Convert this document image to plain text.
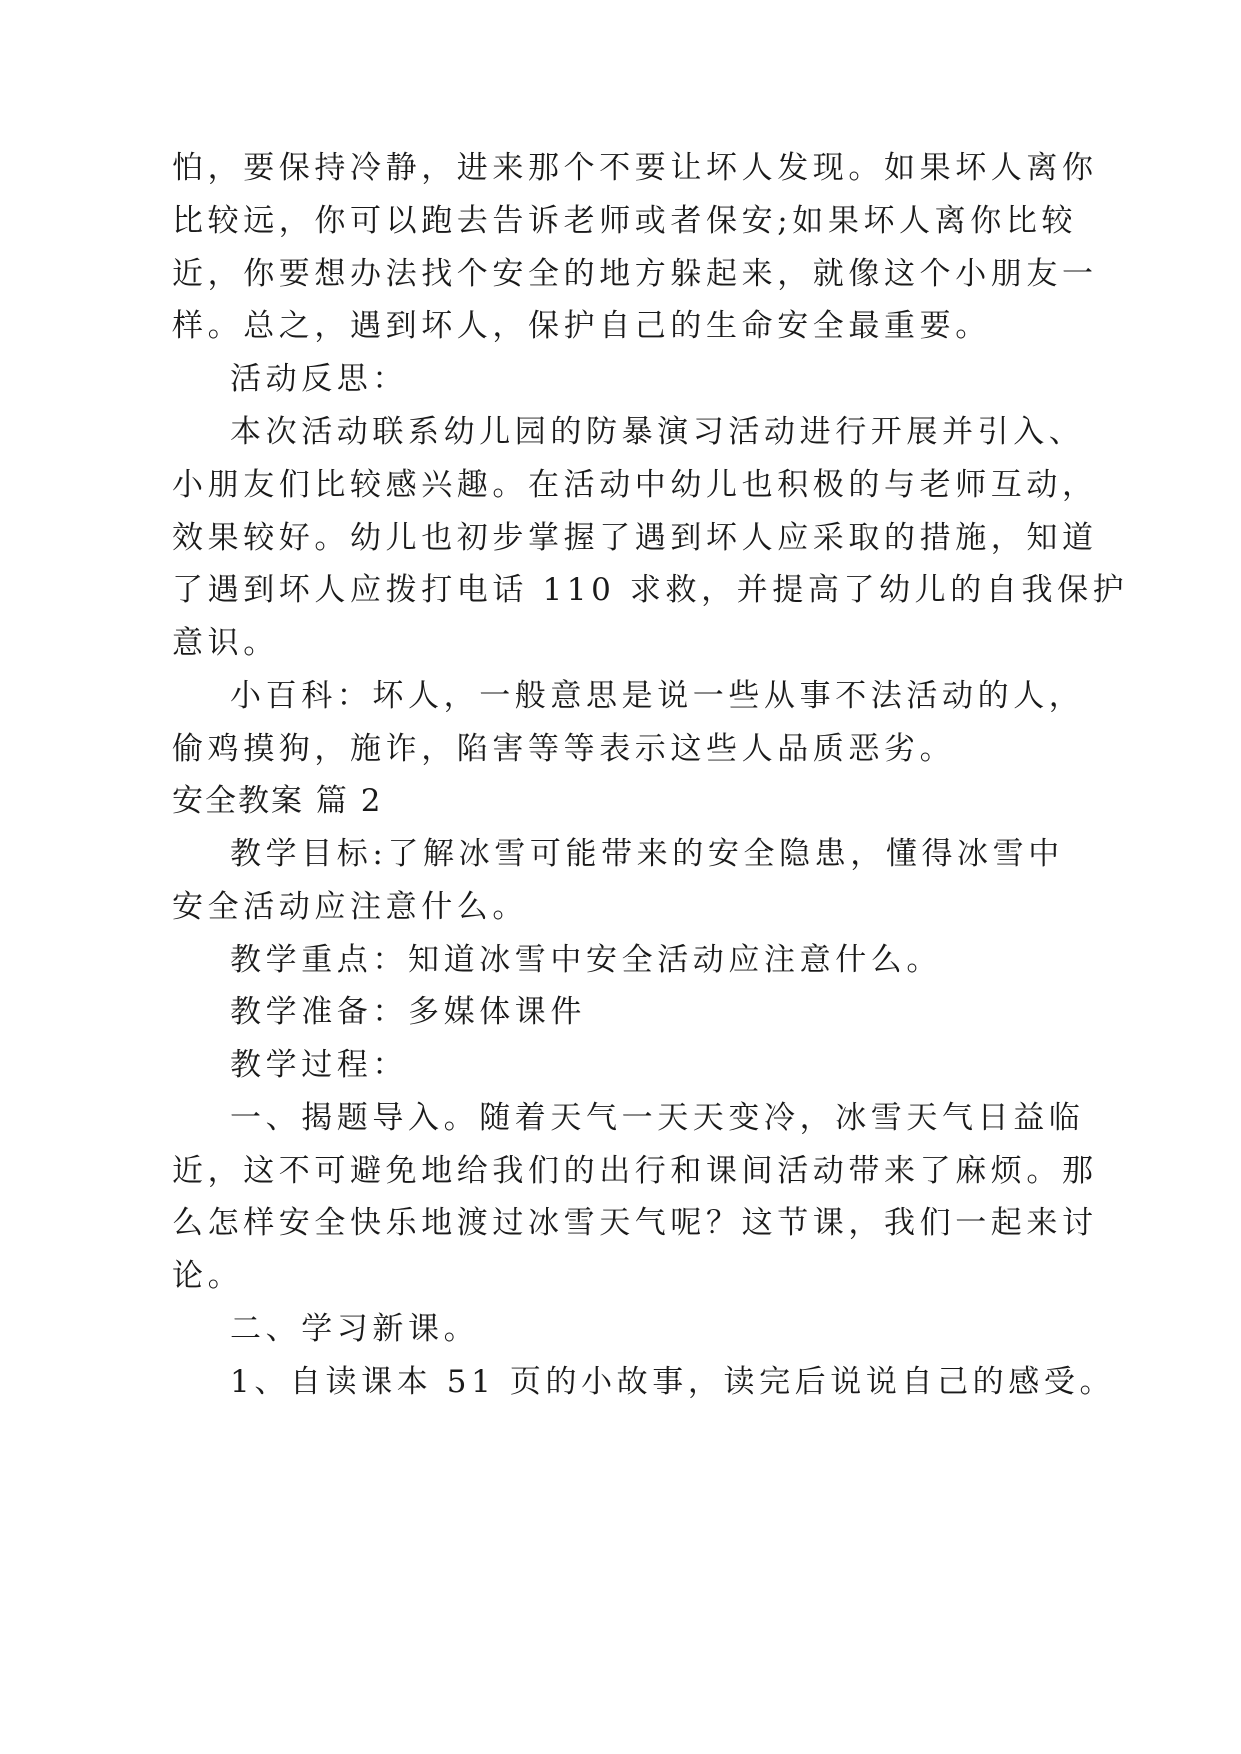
怕，要保持冷静，进来那个不要让坏人发现。如果坏人离你
比较远，你可以跑去告诉老师或者保安;如果坏人离你比较
近，你要想办法找个安全的地方躲起来，就像这个小朋友一
样。总之，遇到坏人，保护自己的生命安全最重要。
活动反思：
本次活动联系幼儿园的防暴演习活动进行开展并引入、
小朋友们比较感兴趣。在活动中幼儿也积极的与老师互动，
效果较好。幼儿也初步掌握了遇到坏人应采取的措施，知道
了遇到坏人应拨打电话 110 求救，并提高了幼儿的自我保护
意识。
小百科：坏人，一般意思是说一些从事不法活动的人，
偷鸡摸狗，施诈，陷害等等表示这些人品质恶劣。
安全教案 篇 2
教学目标:了解冰雪可能带来的安全隐患，懂得冰雪中
安全活动应注意什么。
教学重点：知道冰雪中安全活动应注意什么。
教学准备：多媒体课件
教学过程：
一、揭题导入。随着天气一天天变冷，冰雪天气日益临
近，这不可避免地给我们的出行和课间活动带来了麻烦。那
么怎样安全快乐地渡过冰雪天气呢？这节课，我们一起来讨
论。
二、学习新课。
1、自读课本 51 页的小故事，读完后说说自己的感受。
